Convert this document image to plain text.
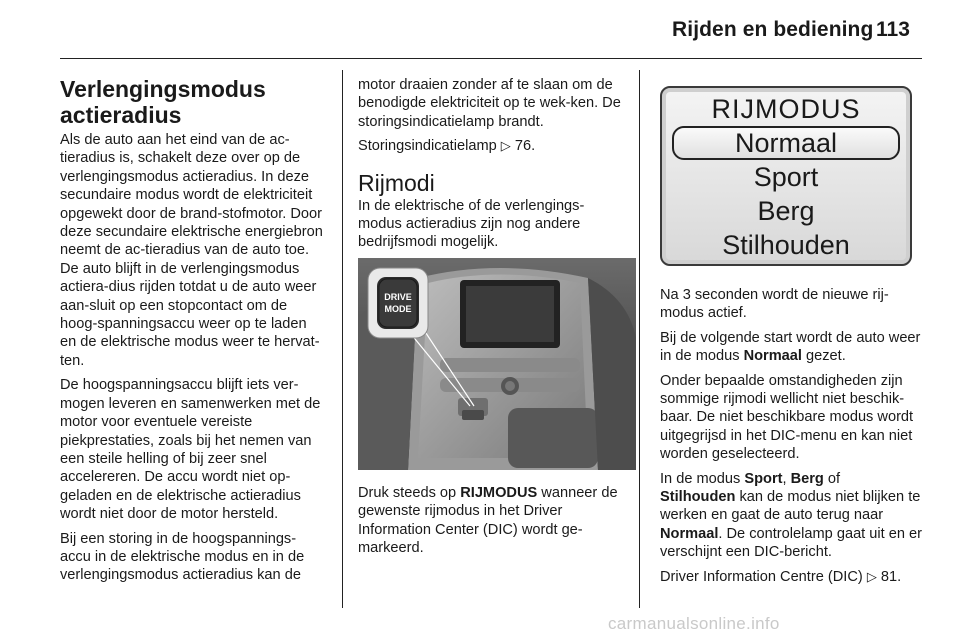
Rijden en bediening 113
Verlengingsmodus
actieradius

Als de auto aan het eind van de ac-tieradius is, schakelt deze over op de verlengingsmodus actieradius. In deze secundaire modus wordt de elektriciteit opgewekt door de brand-stofmotor. Door deze secundaire elektrische energiebron neemt de ac-tieradius van de auto toe. De auto blijft in de verlengingsmodus actiera-dius rijden totdat u de auto weer aan-sluit op een stopcontact om de hoog-spanningsaccu weer op te laden en de elektrische modus weer te hervat-ten.

De hoogspanningsaccu blijft iets ver-mogen leveren en samenwerken met de motor voor eventuele vereiste piekprestaties, zoals bij het nemen van een steile helling of bij zeer snel accelereren. De accu wordt niet op-geladen en de elektrische actieradius wordt niet door de motor hersteld.

Bij een storing in de hoogspannings-accu in de elektrische modus en in de verlengingsmodus actieradius kan de

motor draaien zonder af te slaan om de benodigde elektriciteit op te wek-ken. De storingsindicatielamp brandt.

Storingsindicatielamp ▷ 76.

Rijmodi

In de elektrische of de verlengings-modus actieradius zijn nog andere bedrijfsmodi mogelijk.

DRIVE
MODE

Druk steeds op RIJMODUS wanneer de gewenste rijmodus in het Driver Information Center (DIC) wordt ge-markeerd.

RIJMODUS
Normaal
Sport
Berg
Stilhouden

Na 3 seconden wordt de nieuwe rij-modus actief.

Bij de volgende start wordt de auto weer in de modus Normaal gezet.

Onder bepaalde omstandigheden zijn sommige rijmodi wellicht niet beschik-baar. De niet beschikbare modus wordt uitgegrijsd in het DIC-menu en kan niet worden geselecteerd.

In de modus Sport, Berg of
Stilhouden kan de modus niet blijken te werken en gaat de auto terug naar Normaal. De controlelamp gaat uit en er verschijnt een DIC-bericht.

Driver Information Centre (DIC) ▷ 81.

carmanualsonline.info
